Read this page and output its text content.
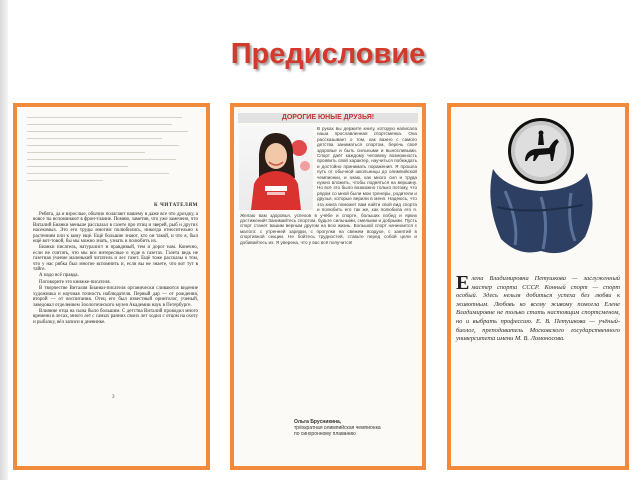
Предисловие
К ЧИТАТЕЛЯМ

Ребята, да и взрослые, обычно полагают нашему в даже все что дроздку, а вовсе ты вспоминают в фрон-тлание. Помню, заметив, что уже замечено, что Виталий Бианки меньше рассказал в газете про птиц и зверей, рыб и других насекомых. Это его труды многим полюбились, никогда относительно к растениям или к кому ещё. Ещё большие знают, кто он такой, и что я, был ещё вот-товой, бы мы можно знать, узнать и полюбить их.

Бианки писатель, натуралист и правдивый, тем и дорог нам. Конечно, если не считать, что мы все интересные о чуде в газетах. Газета ведь не газетная учение маленький читатель и лес газет. Ещё тоже рассказы о том, что у нас рябка был многие вспомнить и, если вы не знаете, что вот тут в тайге.

А надо всё правда.

Поговорите это книжке-писателя.

В творчестве Виталия Бианки-писателя органически сливаются видение художника и научная точность наблюдателя. Первый дар — от рождения, второй — от воспитания. Отец его был известный орнитолог, ученый, заведовал отделением Зоологического музея Академии наук в Петербурге.

Влияние отца на сына было большим. С детства Виталий проводил много времени в лесах, много лет с самых ранних своих лет ходил с отцом на охоту и рыбалку, вёл записи в дневнике.

3
ДОРОГИЕ ЮНЫЕ ДРУЗЬЯ!
В руках вы держите книгу, которую написала наша прославленная спортсменка. Она рассказывает о том, как важно с самого детства заниматься спортом, беречь своё здоровье и быть сильными и выносливыми. Спорт даёт каждому человеку возможность проявить свой характер, научиться побеждать и достойно принимать поражения. Я прошла путь от обычной школьницы до олимпийской чемпионки, и знаю, как много сил и труда нужно вложить, чтобы подняться на вершину. Но всё это было возможно только потому, что рядом со мной были мои тренеры, родители и друзья, которые верили в меня. Надеюсь, что эта книга поможет вам найти свой вид спорта и полюбить его так же, как полюбила его я. Желаю вам здоровья, успехов в учёбе и спорте, больших побед и ярких достижений! Занимайтесь спортом, будьте сильными, смелыми и добрыми. Пусть спорт станет вашим верным другом на всю жизнь. Большой спорт начинается с малого: с утренней зарядки, с прогулки на свежем воздухе, с занятий в спортивной секции. Не бойтесь трудностей, ставьте перед собой цели и добивайтесь их. Я уверена, что у вас всё получится!
Ольга Брусникина,
трёхкратная олимпийская чемпионка
по синхронному плаванию
Е лена Владимировна Петушкова — заслуженный мастер спорта СССР. Конный спорт — спорт особый. Здесь нельзя добиться успеха без любви к животным. Любовь ко всему живому помогла Елене Владимировне не только стать настоящим спортсменом, но и выбрать профессию. Е. В. Петушкова — учёный-биолог, преподаватель Московского государственного университета имени М. В. Ломоносова.
